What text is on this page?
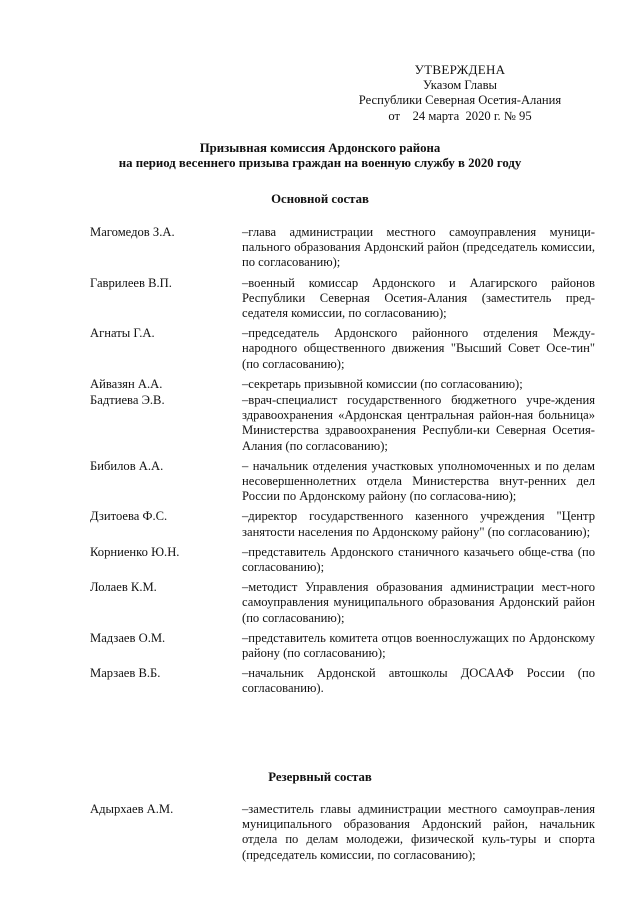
УТВЕРЖДЕНА
Указом Главы
Республики Северная Осетия-Алания
от    24 марта  2020 г. № 95
Призывная комиссия Ардонского района
на период весеннего призыва граждан на военную службу в 2020 году
Основной состав
Магомедов З.А.	–глава администрации местного самоуправления муници-пального образования Ардонский район (председатель комиссии, по согласованию);
Гаврилеев В.П.	–военный комиссар Ардонского и Алагирского районов Республики Северная Осетия-Алания (заместитель пред-седателя комиссии, по согласованию);
Агнаты Г.А.	–председатель Ардонского районного отделения Между-народного общественного движения "Высший Совет Осе-тин" (по согласованию);
Айвазян А.А.	–секретарь призывной комиссии (по согласованию);
Бадтиева Э.В.	–врач-специалист государственного бюджетного учре-ждения здравоохранения «Ардонская центральная район-ная больница» Министерства здравоохранения Республи-ки Северная Осетия-Алания (по согласованию);
Бибилов А.А.	– начальник отделения участковых уполномоченных и по делам несовершеннолетних отдела Министерства внут-ренних дел России по Ардонскому району (по согласова-нию);
Дзитоева Ф.С.	–директор государственного казенного учреждения "Центр занятости населения по Ардонскому району" (по согласованию);
Корниенко Ю.Н.	–представитель Ардонского станичного казачьего обще-ства (по согласованию);
Лолаев К.М.	–методист Управления образования администрации мест-ного самоуправления муниципального образования Ардонский район (по согласованию);
Мадзаев О.М.	–представитель комитета отцов военнослужащих по Ардонскому району (по согласованию);
Марзаев В.Б.	–начальник Ардонской автошколы ДОСААФ России (по согласованию).
Резервный состав
Адырхаев А.М.	–заместитель главы администрации местного самоуправ-ления муниципального образования Ардонский район, начальник отдела по делам молодежи, физической куль-туры и спорта (председатель комиссии, по согласованию);
